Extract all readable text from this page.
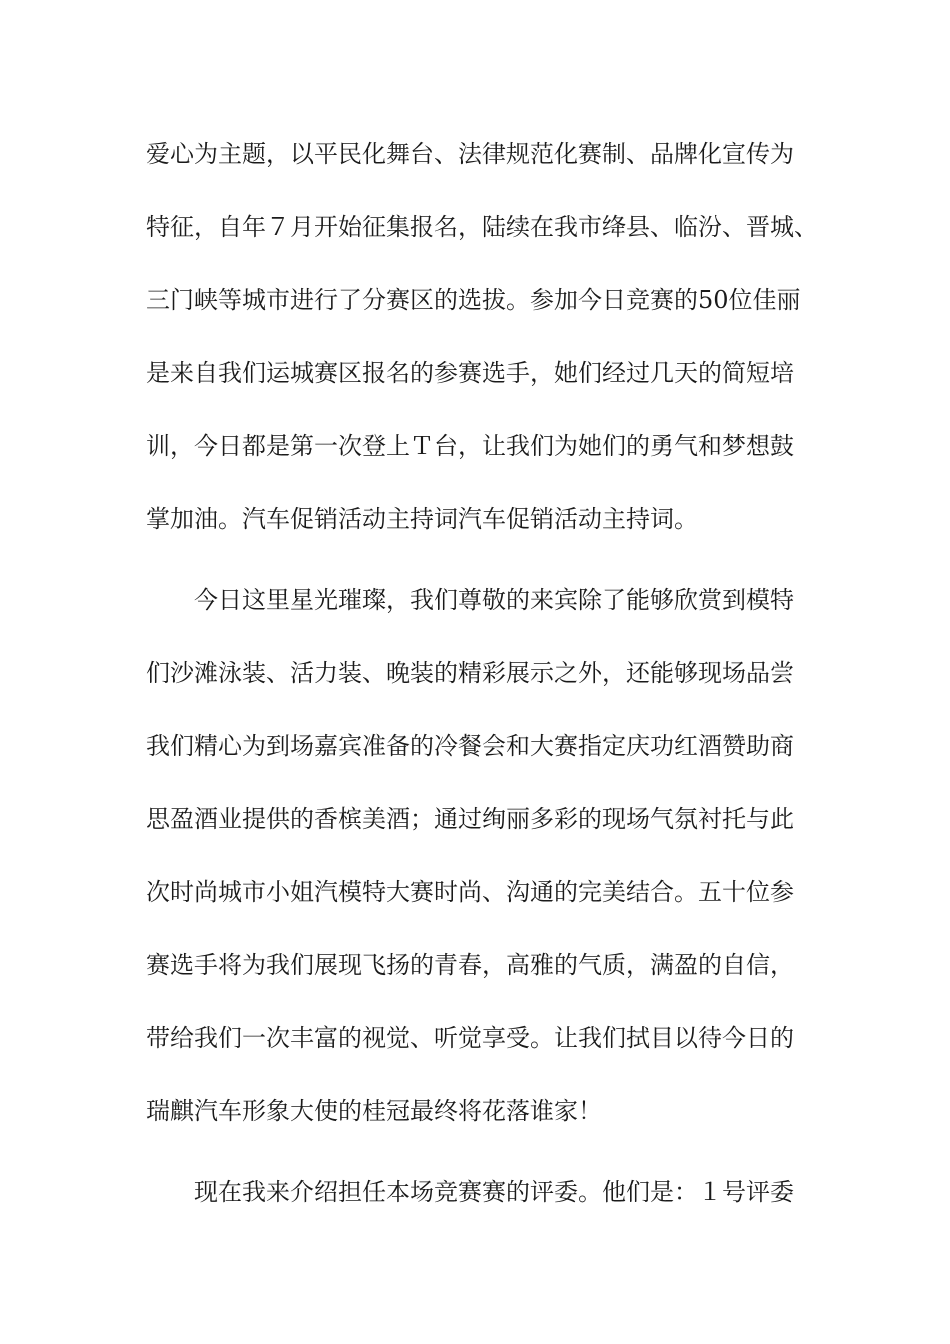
爱心为主题，以平民化舞台、法律规范化赛制、品牌化宣传为
特征，自年７月开始征集报名，陆续在我市绛县、临汾、晋城、
三门峡等城市进行了分赛区的选拔。参加今日竞赛的50位佳丽
是来自我们运城赛区报名的参赛选手，她们经过几天的简短培
训，今日都是第一次登上Ｔ台，让我们为她们的勇气和梦想鼓
掌加油。汽车促销活动主持词汽车促销活动主持词。
今日这里星光璀璨，我们尊敬的来宾除了能够欣赏到模特
们沙滩泳装、活力装、晚装的精彩展示之外，还能够现场品尝
我们精心为到场嘉宾准备的冷餐会和大赛指定庆功红酒赞助商
思盈酒业提供的香槟美酒；通过绚丽多彩的现场气氛衬托与此
次时尚城市小姐汽模特大赛时尚、沟通的完美结合。五十位参
赛选手将为我们展现飞扬的青春，高雅的气质，满盈的自信，
带给我们一次丰富的视觉、听觉享受。让我们拭目以待今日的
瑞麒汽车形象大使的桂冠最终将花落谁家！
现在我来介绍担任本场竞赛赛的评委。他们是：１号评委
